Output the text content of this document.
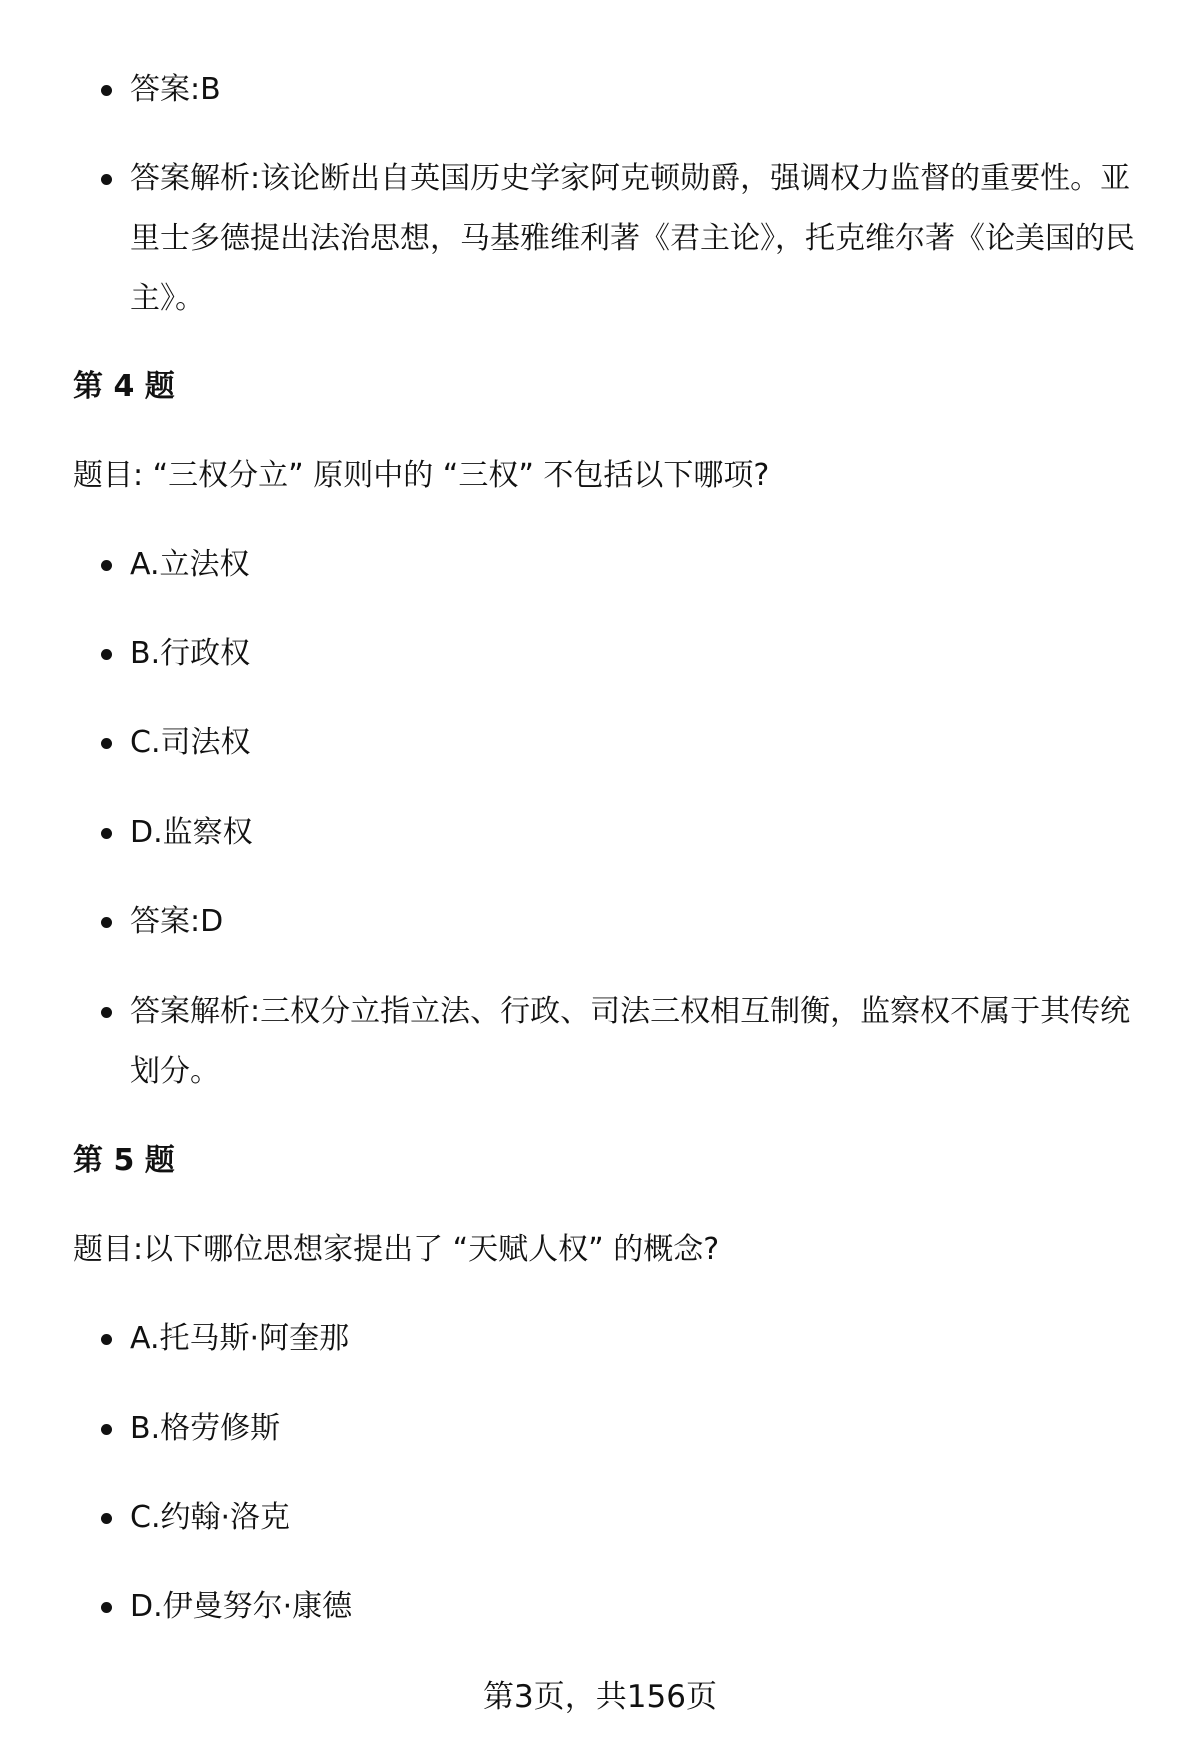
答案:B

答案解析:该论断出自英国历史学家阿克顿勋爵，强调权力监督的重要性。亚里士多德提出法治思想，马基雅维利著《君主论》，托克维尔著《论美国的民主》。

第 4 题

题目: “三权分立” 原则中的 “三权” 不包括以下哪项?

A.立法权

B.行政权

C.司法权

D.监察权

答案:D

答案解析:三权分立指立法、行政、司法三权相互制衡，监察权不属于其传统划分。

第 5 题

题目:以下哪位思想家提出了 “天赋人权” 的概念?

A.托马斯·阿奎那

B.格劳修斯

C.约翰·洛克

D.伊曼努尔·康德

第3页，共156页
